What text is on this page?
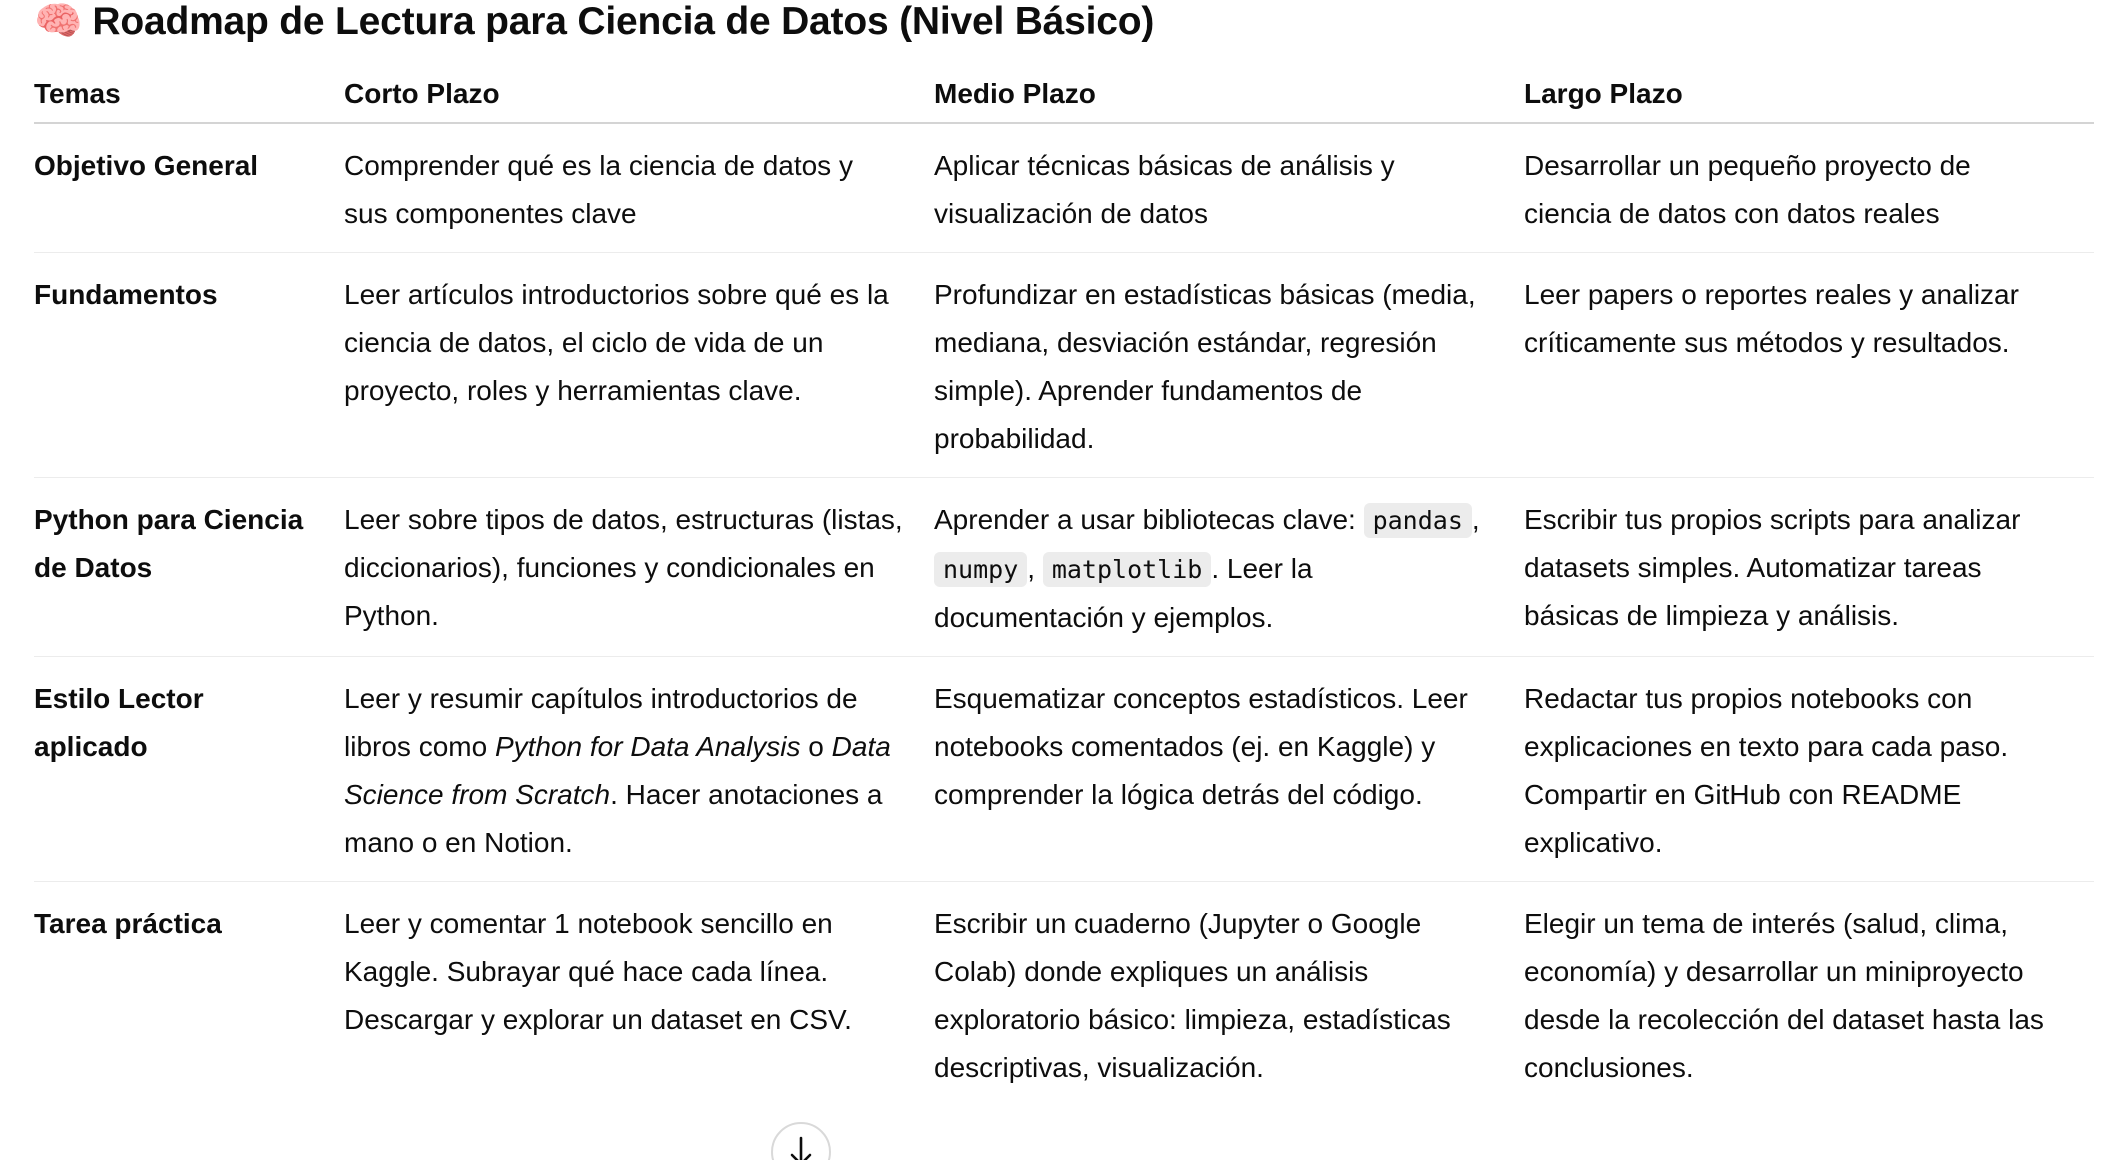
🧠 Roadmap de Lectura para Ciencia de Datos (Nivel Básico)
Temas	Corto Plazo	Medio Plazo	Largo Plazo
Objetivo General	Comprender qué es la ciencia de datos y sus componentes clave	Aplicar técnicas básicas de análisis y visualización de datos	Desarrollar un pequeño proyecto de ciencia de datos con datos reales
Fundamentos	Leer artículos introductorios sobre qué es la ciencia de datos, el ciclo de vida de un proyecto, roles y herramientas clave.	Profundizar en estadísticas básicas (media, mediana, desviación estándar, regresión simple). Aprender fundamentos de probabilidad.	Leer papers o reportes reales y analizar críticamente sus métodos y resultados.
Python para Ciencia de Datos	Leer sobre tipos de datos, estructuras (listas, diccionarios), funciones y condicionales en Python.	Aprender a usar bibliotecas clave: pandas , numpy , matplotlib . Leer la documentación y ejemplos.	Escribir tus propios scripts para analizar datasets simples. Automatizar tareas básicas de limpieza y análisis.
Estilo Lector aplicado	Leer y resumir capítulos introductorios de libros como Python for Data Analysis o Data Science from Scratch. Hacer anotaciones a mano o en Notion.	Esquematizar conceptos estadísticos. Leer notebooks comentados (ej. en Kaggle) y comprender la lógica detrás del código.	Redactar tus propios notebooks con explicaciones en texto para cada paso. Compartir en GitHub con README explicativo.
Tarea práctica	Leer y comentar 1 notebook sencillo en Kaggle. Subrayar qué hace cada línea. Descargar y explorar un dataset en CSV.	Escribir un cuaderno (Jupyter o Google Colab) donde expliques un análisis exploratorio básico: limpieza, estadísticas descriptivas, visualización.	Elegir un tema de interés (salud, clima, economía) y desarrollar un miniproyecto desde la recolección del dataset hasta las conclusiones.
